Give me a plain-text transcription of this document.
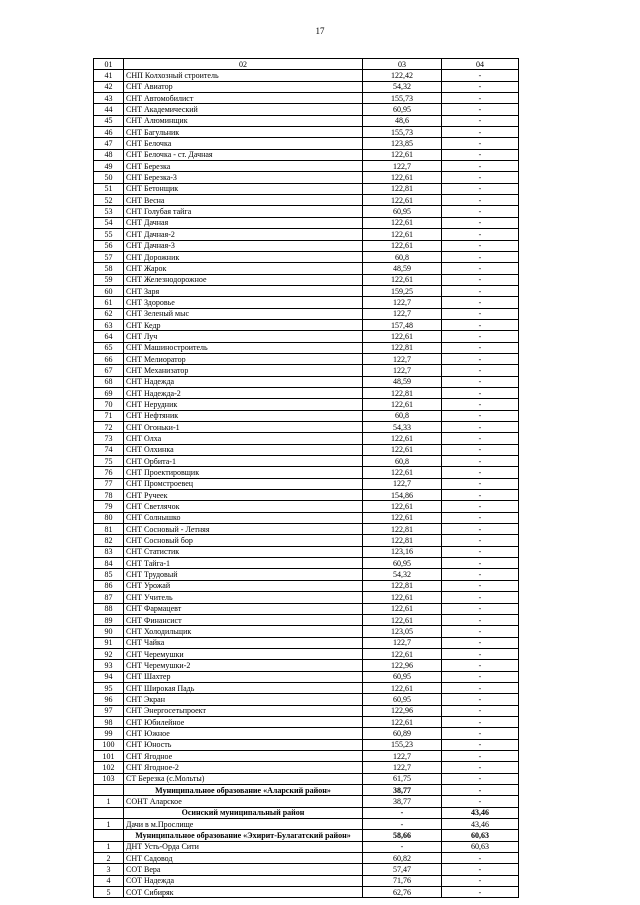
17
01	02	03	04
41	СНП Колхозный строитель	122,42	-
42	СНТ Авиатор	54,32	-
43	СНТ Автомобилист	155,73	-
44	СНТ Академический	60,95	-
45	СНТ Алюминщик	48,6	-
46	СНТ Багульник	155,73	-
47	СНТ Белочка	123,85	-
48	СНТ Белочка - ст. Дачная	122,61	-
49	СНТ Березка	122,7	-
50	СНТ Березка-3	122,61	-
51	СНТ Бетонщик	122,81	-
52	СНТ Весна	122,61	-
53	СНТ Голубая тайга	60,95	-
54	СНТ Дачная	122,61	-
55	СНТ Дачная-2	122,61	-
56	СНТ Дачная-3	122,61	-
57	СНТ Дорожник	60,8	-
58	СНТ Жарок	48,59	-
59	СНТ Железнодорожное	122,61	-
60	СНТ Заря	159,25	-
61	СНТ Здоровье	122,7	-
62	СНТ Зеленый мыс	122,7	-
63	СНТ Кедр	157,48	-
64	СНТ Луч	122,61	-
65	СНТ Машиностроитель	122,81	-
66	СНТ Мелиоратор	122,7	-
67	СНТ Механизатор	122,7	-
68	СНТ Надежда	48,59	-
69	СНТ Надежда-2	122,81	-
70	СНТ Нерудник	122,61	-
71	СНТ Нефтяник	60,8	-
72	СНТ Огоньки-1	54,33	-
73	СНТ Олха	122,61	-
74	СНТ Олхинка	122,61	-
75	СНТ Орбита-1	60,8	-
76	СНТ Проектировщик	122,61	-
77	СНТ Промстроевец	122,7	-
78	СНТ Ручеек	154,86	-
79	СНТ Светлячок	122,61	-
80	СНТ Солнышко	122,61	-
81	СНТ Сосновый - Летняя	122,81	-
82	СНТ Сосновый бор	122,81	-
83	СНТ Статистик	123,16	-
84	СНТ Тайга-1	60,95	-
85	СНТ Трудовый	54,32	-
86	СНТ Урожай	122,81	-
87	СНТ Учитель	122,61	-
88	СНТ Фармацевт	122,61	-
89	СНТ Финансист	122,61	-
90	СНТ Холодильщик	123,05	-
91	СНТ Чайка	122,7	-
92	СНТ Черемушки	122,61	-
93	СНТ Черемушки-2	122,96	-
94	СНТ Шахтер	60,95	-
95	СНТ Широкая Падь	122,61	-
96	СНТ Экран	60,95	-
97	СНТ Энергосетьпроект	122,96	-
98	СНТ Юбилейное	122,61	-
99	СНТ Южное	60,89	-
100	СНТ Юность	155,23	-
101	СНТ Ягодное	122,7	-
102	СНТ Ягодное-2	122,7	-
103	СТ Березка (с.Мольты)	61,75	-
	Муниципальное образование «Аларский район»	38,77	-
1	СОНТ Аларское	38,77	-
	Осинский муниципальный район	-	43,46
1	Дачи в м.Прослище	-	43,46
	Муниципальное образование «Эхирит-Булагатский район»	58,66	60,63
1	ДНТ Усть-Орда Сити	-	60,63
2	СНТ Садовод	60,82	-
3	СОТ Вера	57,47	-
4	СОТ Надежда	71,76	-
5	СОТ Сибиряк	62,76	-
